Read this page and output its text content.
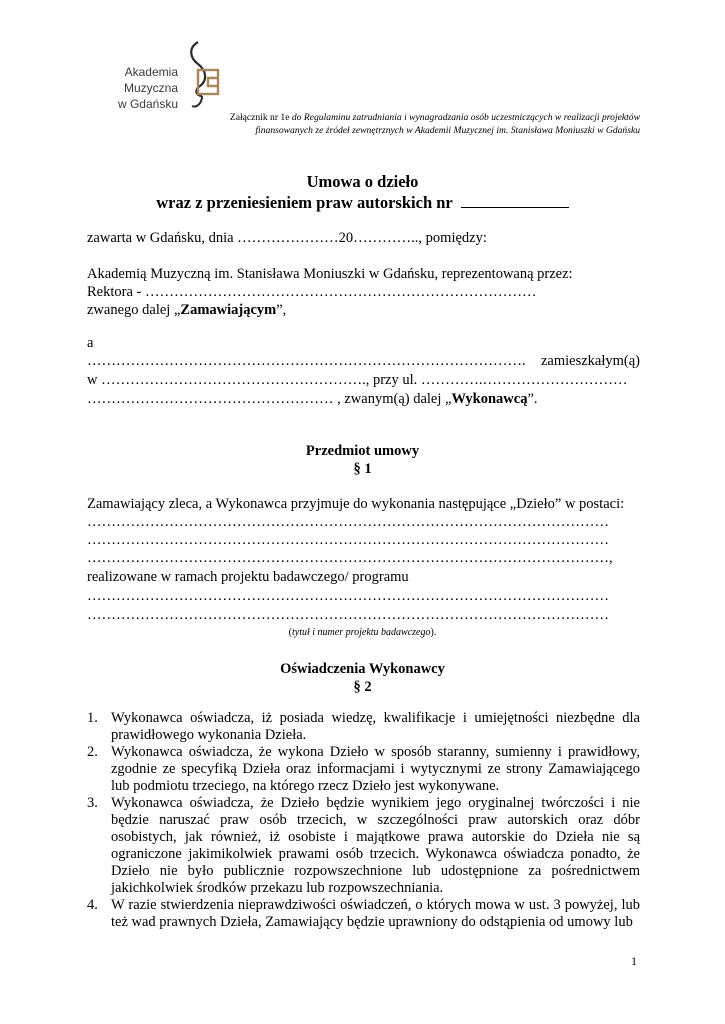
Akademia Muzyczna
w Gdańsku
Załącznik nr 1e do Regulaminu zatrudniania i wynagradzania osób uczestniczących w realizacji projektów
finansowanych ze źródeł zewnętrznych w Akademii Muzycznej im. Stanisława Moniuszki w Gdańsku
Umowa o dzieło
wraz z przeniesieniem praw autorskich nr
zawarta w Gdańsku, dnia …………………20………….., pomiędzy:
Akademią Muzyczną im. Stanisława Moniuszki w Gdańsku, reprezentowaną przez:
Rektora - ………………………………………………………………………
zwanego dalej „Zamawiającym”,
a
………………………………………………………………………………. zamieszkałym(ą)
w ………………………………………………., przy ul. ………….…………………………
…………………………………………… , zwanym(ą) dalej „Wykonawcą”.
Przedmiot umowy
§ 1
Zamawiający zleca, a Wykonawca przyjmuje do wykonania następujące „Dzieło” w postaci:
………………………………………………………………………………………………
………………………………………………………………………………………………
………………………………………………………………………………………………,
realizowane w ramach projektu badawczego/ programu
………………………………………………………………………………………………
………………………………………………………………………………………………
(tytuł i numer projektu badawczego).
Oświadczenia Wykonawcy
§ 2
1. Wykonawca oświadcza, iż posiada wiedzę, kwalifikacje i umiejętności niezbędne dla prawidłowego wykonania Dzieła.
2. Wykonawca oświadcza, że wykona Dzieło w sposób staranny, sumienny i prawidłowy, zgodnie ze specyfiką Dzieła oraz informacjami i wytycznymi ze strony Zamawiającego lub podmiotu trzeciego, na którego rzecz Dzieło jest wykonywane.
3. Wykonawca oświadcza, że Dzieło będzie wynikiem jego oryginalnej twórczości i nie będzie naruszać praw osób trzecich, w szczególności praw autorskich oraz dóbr osobistych, jak również, iż osobiste i majątkowe prawa autorskie do Dzieła nie są ograniczone jakimikolwiek prawami osób trzecich. Wykonawca oświadcza ponadto, że Dzieło nie było publicznie rozpowszechnione lub udostępnione za pośrednictwem jakichkolwiek środków przekazu lub rozpowszechniania.
4. W razie stwierdzenia nieprawdziwości oświadczeń, o których mowa w ust. 3 powyżej, lub też wad prawnych Dzieła, Zamawiający będzie uprawniony do odstąpienia od umowy lub
1
